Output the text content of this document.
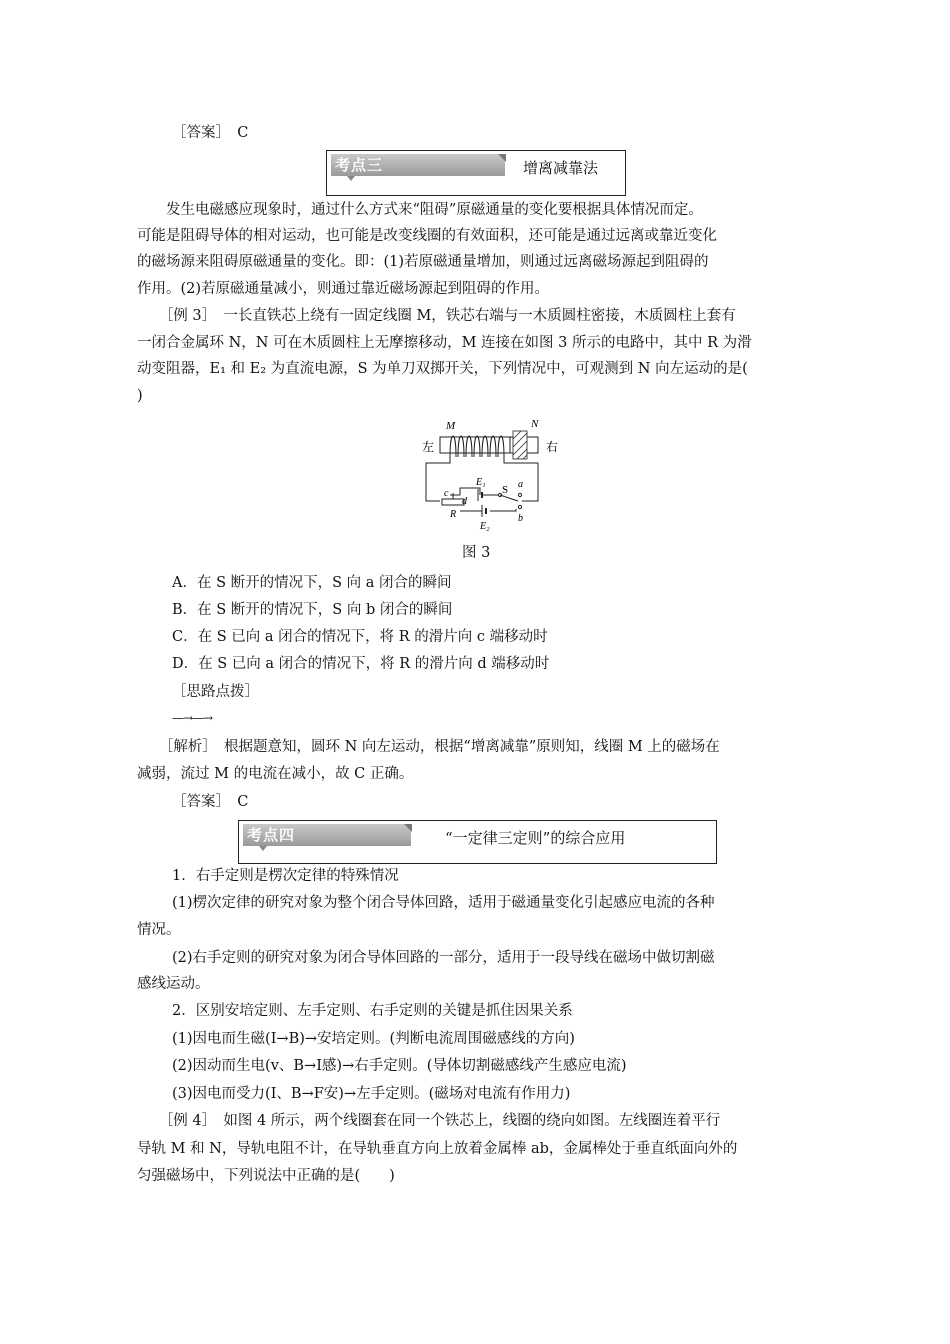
［答案］　C
考点三	增离减靠法
　　发生电磁感应现象时，通过什么方式来“阻碍”原磁通量的变化要根据具体情况而定。
可能是阻碍导体的相对运动，也可能是改变线圈的有效面积，还可能是通过远离或靠近变化
的磁场源来阻碍原磁通量的变化。即：(1)若原磁通量增加，则通过远离磁场源起到阻碍的
作用。(2)若原磁通量减小，则通过靠近磁场源起到阻碍的作用。
　　［例 3］　一长直铁芯上绕有一固定线圈 M，铁芯右端与一木质圆柱密接，木质圆柱上套有
一闭合金属环 N，N 可在木质圆柱上无摩擦移动，M 连接在如图 3 所示的电路中，其中 R 为滑
动变阻器，E₁ 和 E₂ 为直流电源，S 为单刀双掷开关，下列情况中，可观测到 N 向左运动的是(
)
M	N
左	右
S a
b
c
d
R
E₁
E₂
图 3
A．在 S 断开的情况下，S 向 a 闭合的瞬间
B．在 S 断开的情况下，S 向 b 闭合的瞬间
C．在 S 已向 a 闭合的情况下，将 R 的滑片向 c 端移动时
D．在 S 已向 a 闭合的情况下，将 R 的滑片向 d 端移动时
［思路点拨］
—→—→
　　［解析］　根据题意知，圆环 N 向左运动，根据“增离减靠”原则知，线圈 M 上的磁场在
减弱，流过 M 的电流在减小，故 C 正确。
［答案］　C
考点四	“一定律三定则”的综合应用
1．右手定则是楞次定律的特殊情况
(1)楞次定律的研究对象为整个闭合导体回路，适用于磁通量变化引起感应电流的各种
情况。
(2)右手定则的研究对象为闭合导体回路的一部分，适用于一段导线在磁场中做切割磁
感线运动。
2．区别安培定则、左手定则、右手定则的关键是抓住因果关系
(1)因电而生磁(I→B)→安培定则。(判断电流周围磁感线的方向)
(2)因动而生电(v、B→I感)→右手定则。(导体切割磁感线产生感应电流)
(3)因电而受力(I、B→F安)→左手定则。(磁场对电流有作用力)
　　［例 4］　如图 4 所示，两个线圈套在同一个铁芯上，线圈的绕向如图。左线圈连着平行
导轨 M 和 N，导轨电阻不计，在导轨垂直方向上放着金属棒 ab，金属棒处于垂直纸面向外的
匀强磁场中，下列说法中正确的是(　　)
